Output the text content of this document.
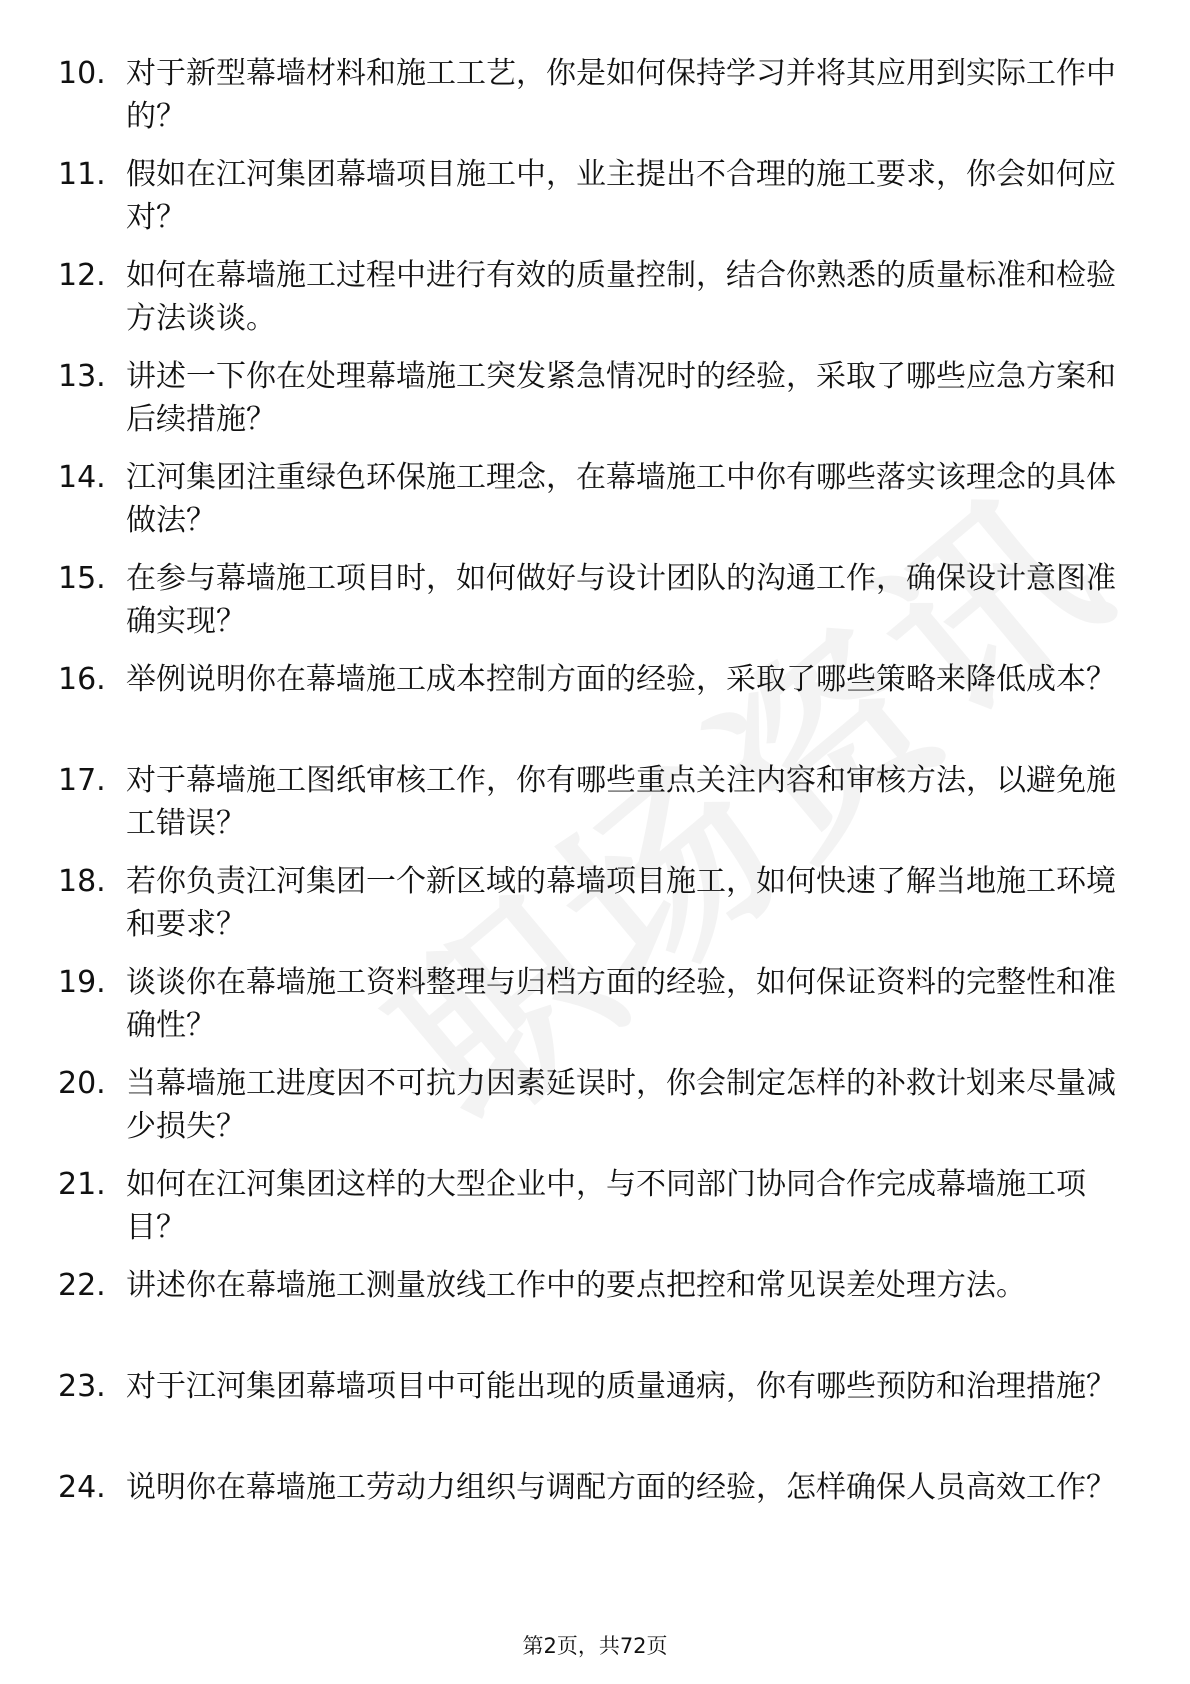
10. 对于新型幕墙材料和施工工艺，你是如何保持学习并将其应用到实际工作中的？
11. 假如在江河集团幕墙项目施工中，业主提出不合理的施工要求，你会如何应对？
12. 如何在幕墙施工过程中进行有效的质量控制，结合你熟悉的质量标准和检验方法谈谈。
13. 讲述一下你在处理幕墙施工突发紧急情况时的经验，采取了哪些应急方案和后续措施？
14. 江河集团注重绿色环保施工理念，在幕墙施工中你有哪些落实该理念的具体做法？
15. 在参与幕墙施工项目时，如何做好与设计团队的沟通工作，确保设计意图准确实现？
16. 举例说明你在幕墙施工成本控制方面的经验，采取了哪些策略来降低成本？
17. 对于幕墙施工图纸审核工作，你有哪些重点关注内容和审核方法，以避免施工错误？
18. 若你负责江河集团一个新区域的幕墙项目施工，如何快速了解当地施工环境和要求？
19. 谈谈你在幕墙施工资料整理与归档方面的经验，如何保证资料的完整性和准确性？
20. 当幕墙施工进度因不可抗力因素延误时，你会制定怎样的补救计划来尽量减少损失？
21. 如何在江河集团这样的大型企业中，与不同部门协同合作完成幕墙施工项目？
22. 讲述你在幕墙施工测量放线工作中的要点把控和常见误差处理方法。
23. 对于江河集团幕墙项目中可能出现的质量通病，你有哪些预防和治理措施？
24. 说明你在幕墙施工劳动力组织与调配方面的经验，怎样确保人员高效工作？
第2页，共72页
